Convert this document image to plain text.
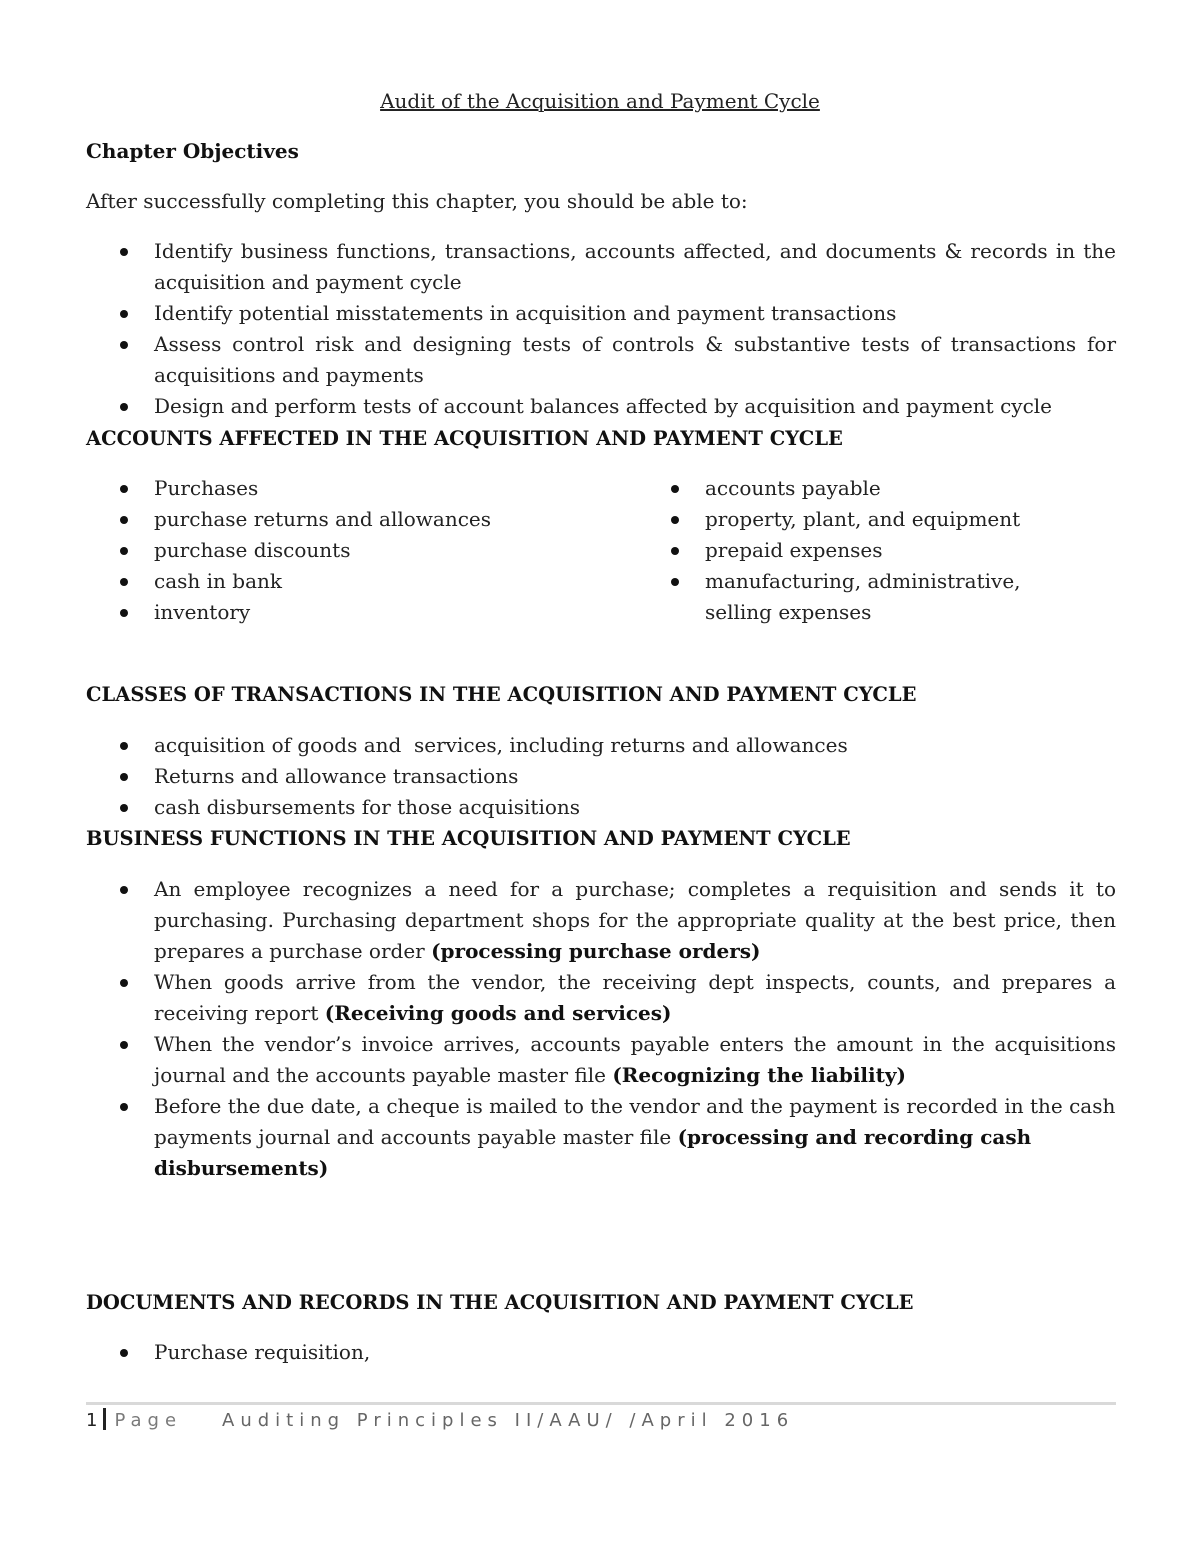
Audit of the Acquisition and Payment Cycle
Chapter Objectives
After successfully completing this chapter, you should be able to:
Identify business functions, transactions, accounts affected, and documents & records in the acquisition and payment cycle
Identify potential misstatements in acquisition and payment transactions
Assess control risk and designing tests of controls & substantive tests of transactions for acquisitions and payments
Design and perform tests of account balances affected by acquisition and payment cycle
ACCOUNTS AFFECTED IN THE ACQUISITION AND PAYMENT CYCLE
Purchases
purchase returns and allowances
purchase discounts
cash in bank
inventory
accounts payable
property, plant, and equipment
prepaid expenses
manufacturing, administrative, selling expenses
CLASSES OF TRANSACTIONS IN THE ACQUISITION AND PAYMENT CYCLE
acquisition of goods and  services, including returns and allowances
Returns and allowance transactions
cash disbursements for those acquisitions
BUSINESS FUNCTIONS IN THE ACQUISITION AND PAYMENT CYCLE
An employee recognizes a need for a purchase; completes a requisition and sends it to purchasing. Purchasing department shops for the appropriate quality at the best price, then prepares a purchase order (processing purchase orders)
When goods arrive from the vendor, the receiving dept inspects, counts, and prepares a receiving report (Receiving goods and services)
When the vendor’s invoice arrives, accounts payable enters the amount in the acquisitions journal and the accounts payable master file (Recognizing the liability)
Before the due date, a cheque is mailed to the vendor and the payment is recorded in the cash payments journal and accounts payable master file (processing and recording cash disbursements)
DOCUMENTS AND RECORDS IN THE ACQUISITION AND PAYMENT CYCLE
Purchase requisition,
1 Page Auditing Principles II/AAU/ /April 2016
